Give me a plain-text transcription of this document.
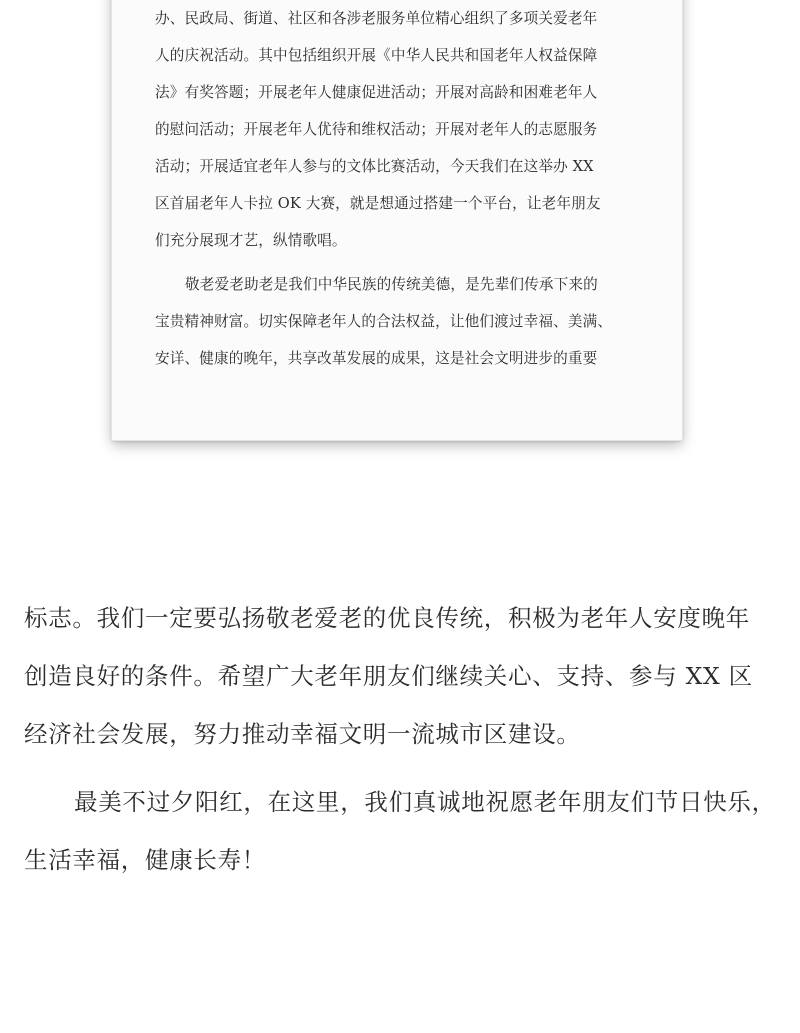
办、民政局、街道、社区和各涉老服务单位精心组织了多项关爱老年
人的庆祝活动。其中包括组织开展《中华人民共和国老年人权益保障
法》有奖答题；开展老年人健康促进活动；开展对高龄和困难老年人
的慰问活动；开展老年人优待和维权活动；开展对老年人的志愿服务
活动；开展适宜老年人参与的文体比赛活动，今天我们在这举办 XX
区首届老年人卡拉 OK 大赛，就是想通过搭建一个平台，让老年朋友
们充分展现才艺，纵情歌唱。
敬老爱老助老是我们中华民族的传统美德，是先辈们传承下来的
宝贵精神财富。切实保障老年人的合法权益，让他们渡过幸福、美满、
安详、健康的晚年，共享改革发展的成果，这是社会文明进步的重要
标志。我们一定要弘扬敬老爱老的优良传统，积极为老年人安度晚年
创造良好的条件。希望广大老年朋友们继续关心、支持、参与 XX 区
经济社会发展，努力推动幸福文明一流城市区建设。
最美不过夕阳红，在这里，我们真诚地祝愿老年朋友们节日快乐，
生活幸福，健康长寿！
